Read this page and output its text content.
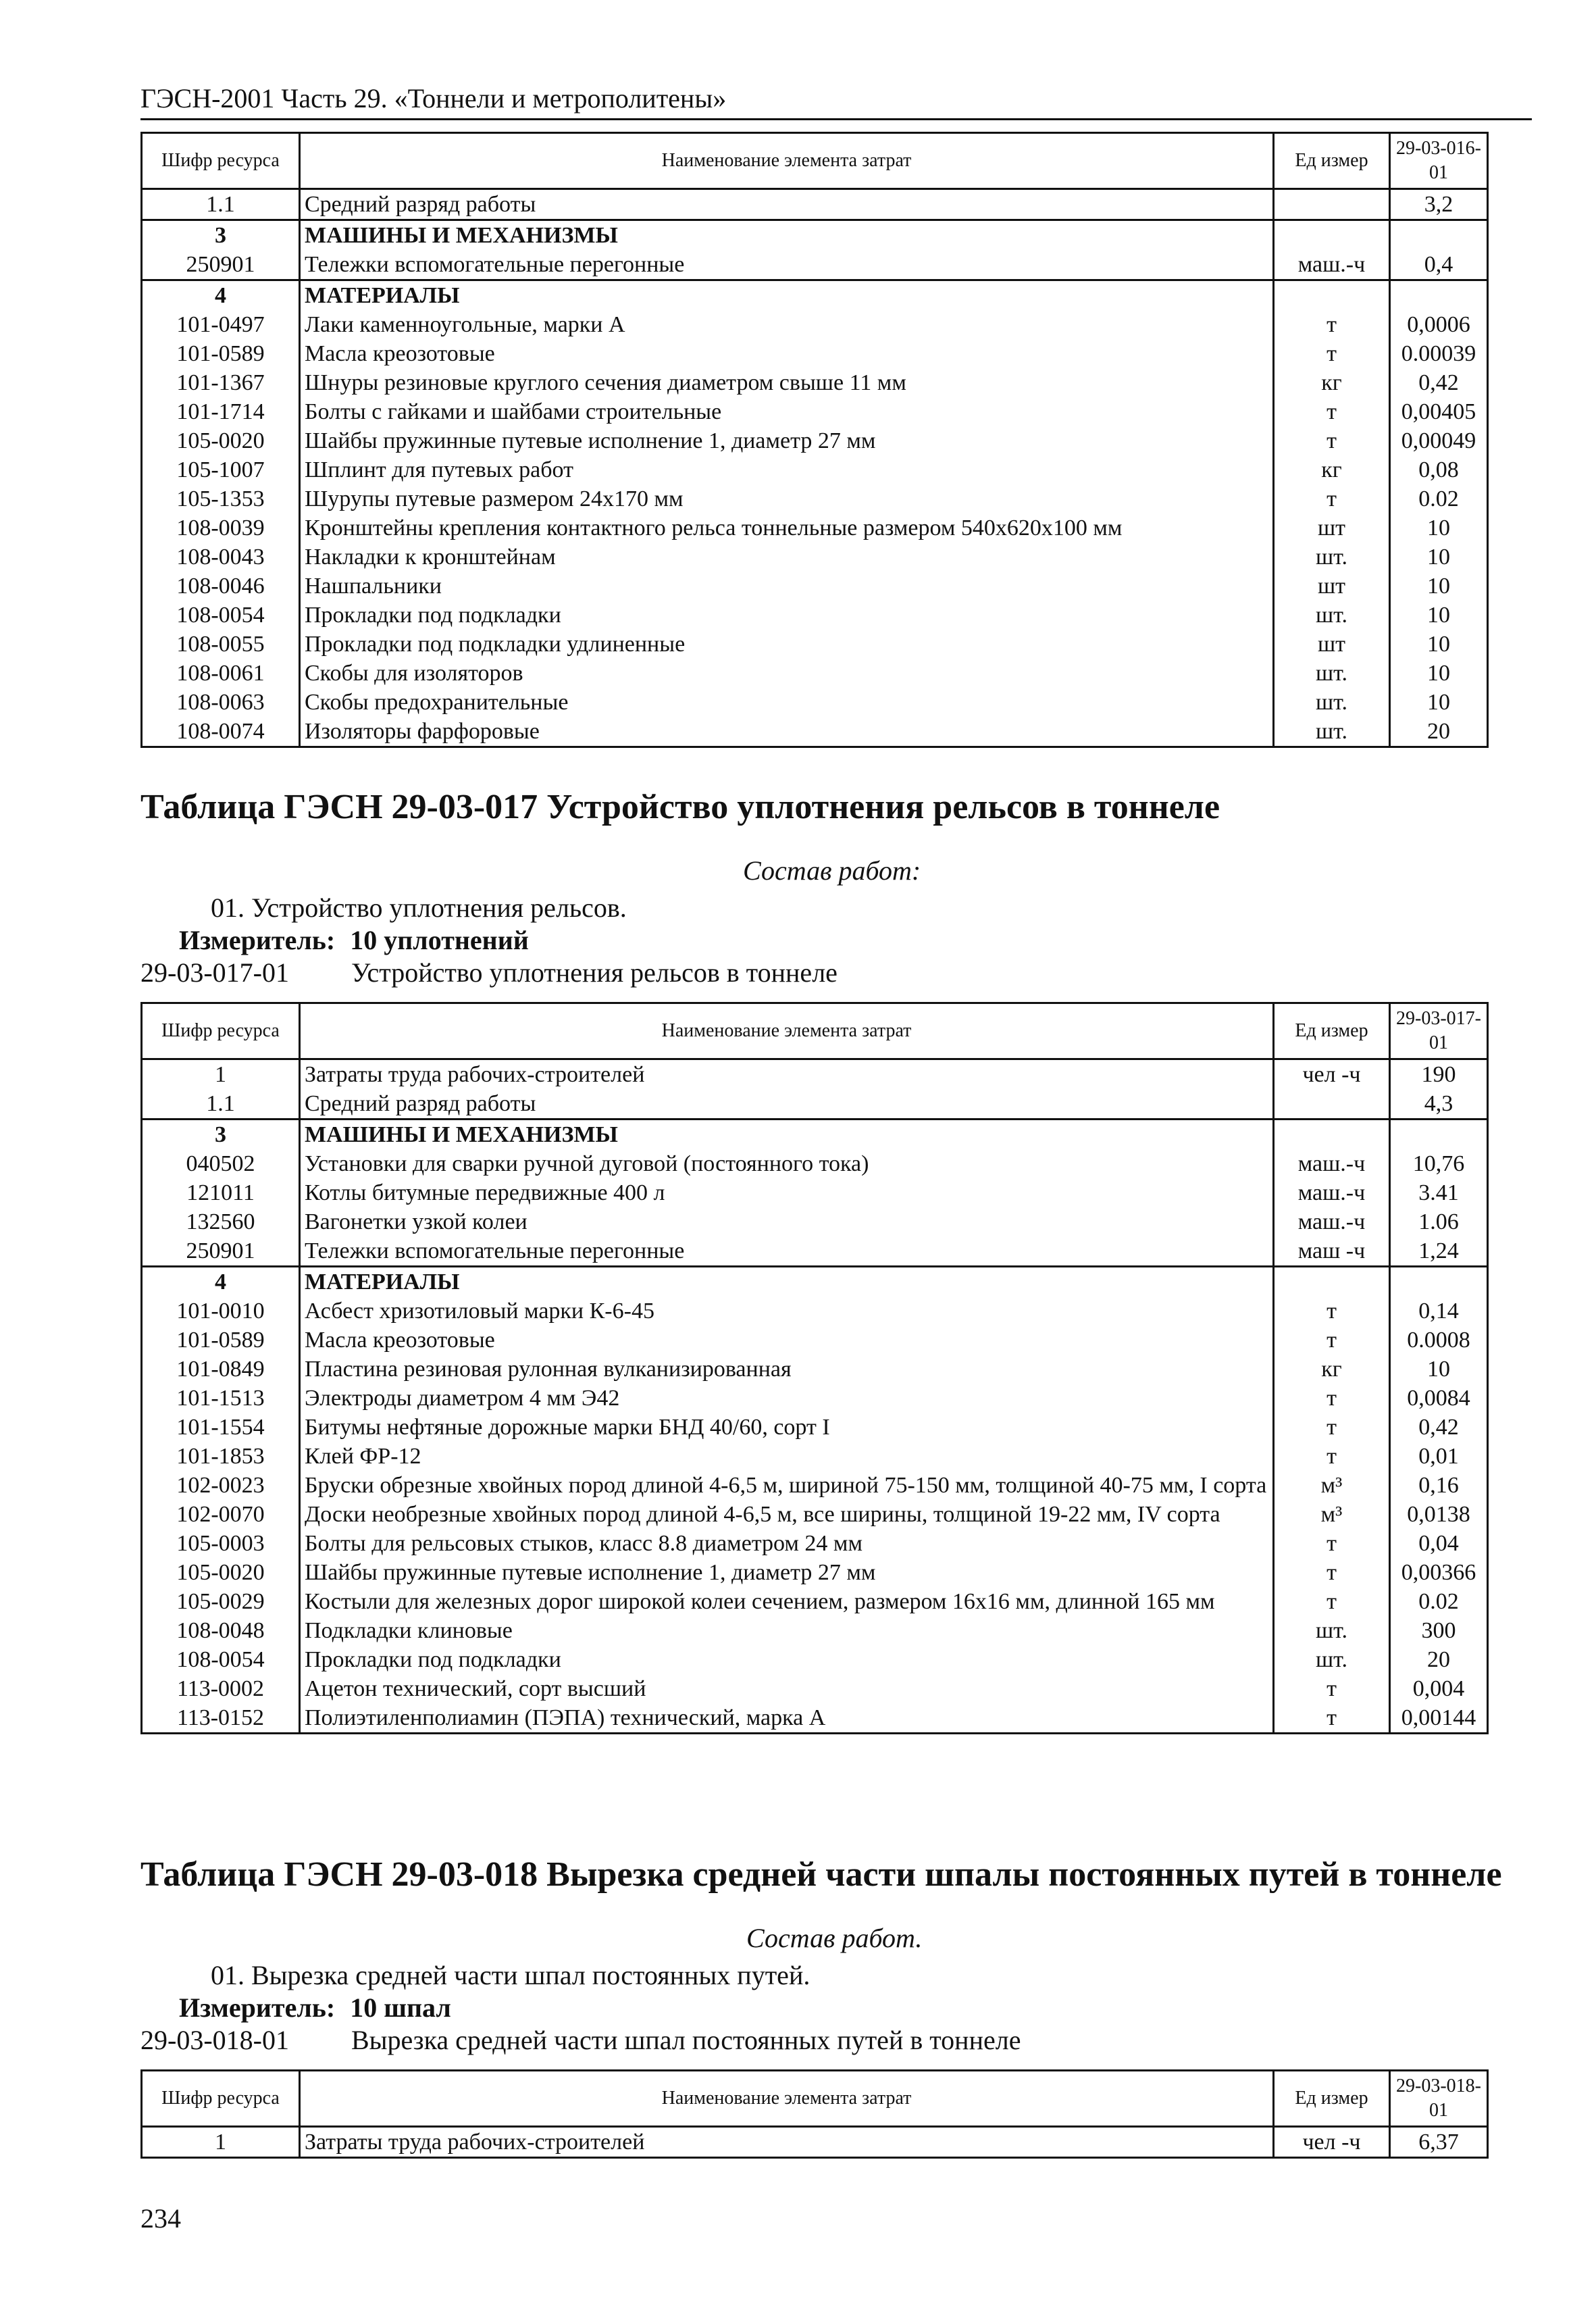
ГЭСН-2001 Часть 29. «Тоннели и метрополитены»
Шифр ресурса	Наименование элемента затрат	Ед измер	29-03-016-01
1.1	Средний разряд работы		3,2
3	МАШИНЫ И МЕХАНИЗМЫ		
250901	Тележки вспомогательные перегонные	маш.-ч	0,4
4	МАТЕРИАЛЫ		
101-0497	Лаки каменноугольные, марки А	т	0,0006
101-0589	Масла креозотовые	т	0.00039
101-1367	Шнуры резиновые круглого сечения диаметром свыше 11 мм	кг	0,42
101-1714	Болты с гайками и шайбами строительные	т	0,00405
105-0020	Шайбы пружинные путевые исполнение 1, диаметр 27 мм	т	0,00049
105-1007	Шплинт для путевых работ	кг	0,08
105-1353	Шурупы путевые размером 24x170 мм	т	0.02
108-0039	Кронштейны крепления контактного рельса тоннельные размером 540x620x100 мм	шт	10
108-0043	Накладки к кронштейнам	шт.	10
108-0046	Нашпальники	шт	10
108-0054	Прокладки под подкладки	шт.	10
108-0055	Прокладки под подкладки удлиненные	шт	10
108-0061	Скобы для изоляторов	шт.	10
108-0063	Скобы предохранительные	шт.	10
108-0074	Изоляторы фарфоровые	шт.	20
Таблица ГЭСН 29-03-017 Устройство уплотнения рельсов в тоннеле
Состав работ:
01. Устройство уплотнения рельсов.
Измеритель: 10 уплотнений
29-03-017-01 Устройство уплотнения рельсов в тоннеле
Шифр ресурса	Наименование элемента затрат	Ед измер	29-03-017-01
1	Затраты труда рабочих-строителей	чел -ч	190
1.1	Средний разряд работы		4,3
3	МАШИНЫ И МЕХАНИЗМЫ		
040502	Установки для сварки ручной дуговой (постоянного тока)	маш.-ч	10,76
121011	Котлы битумные передвижные 400 л	маш.-ч	3.41
132560	Вагонетки узкой колеи	маш.-ч	1.06
250901	Тележки вспомогательные перегонные	маш -ч	1,24
4	МАТЕРИАЛЫ		
101-0010	Асбест хризотиловый марки К-6-45	т	0,14
101-0589	Масла креозотовые	т	0.0008
101-0849	Пластина резиновая рулонная вулканизированная	кг	10
101-1513	Электроды диаметром 4 мм Э42	т	0,0084
101-1554	Битумы нефтяные дорожные марки БНД 40/60, сорт I	т	0,42
101-1853	Клей ФР-12	т	0,01
102-0023	Бруски обрезные хвойных пород длиной 4-6,5 м, шириной 75-150 мм, толщиной 40-75 мм, I сорта	м³	0,16
102-0070	Доски необрезные хвойных пород длиной 4-6,5 м, все ширины, толщиной 19-22 мм, IV сорта	м³	0,0138
105-0003	Болты для рельсовых стыков, класс 8.8 диаметром 24 мм	т	0,04
105-0020	Шайбы пружинные путевые исполнение 1, диаметр 27 мм	т	0,00366
105-0029	Костыли для железных дорог широкой колеи сечением, размером 16x16 мм, длинной 165 мм	т	0.02
108-0048	Подкладки клиновые	шт.	300
108-0054	Прокладки под подкладки	шт.	20
113-0002	Ацетон технический, сорт высший	т	0,004
113-0152	Полиэтиленполиамин (ПЭПА) технический, марка А	т	0,00144
Таблица ГЭСН 29-03-018 Вырезка средней части шпалы постоянных путей в тоннеле
Состав работ.
01. Вырезка средней части шпал постоянных путей.
Измеритель: 10 шпал
29-03-018-01 Вырезка средней части шпал постоянных путей в тоннеле
Шифр ресурса	Наименование элемента затрат	Ед измер	29-03-018-01
1	Затраты труда рабочих-строителей	чел -ч	6,37
234
